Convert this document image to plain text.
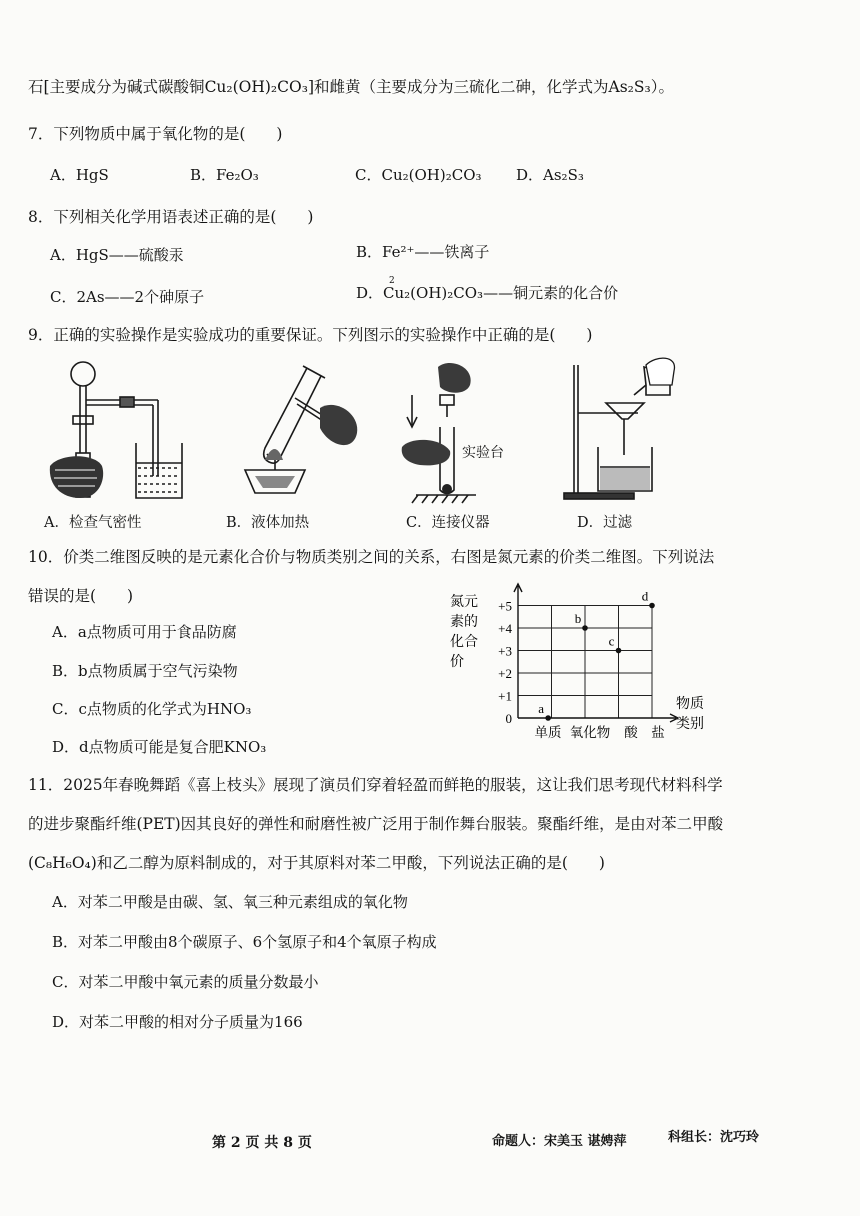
石[主要成分为碱式碳酸铜Cu₂(OH)₂CO₃]和雌黄（主要成分为三硫化二砷，化学式为As₂S₃）。
7．下列物质中属于氧化物的是(　　)
A．HgS	B．Fe₂O₃	C．Cu₂(OH)₂CO₃ D．As₂S₃
8．下列相关化学用语表述正确的是(　　)
A．HgS——硫酸汞	B．Fe²⁺——铁离子
C．2As——2个砷原子	D．
2
Cu₂(OH)₂CO₃——铜元素的化合价
9．正确的实验操作是实验成功的重要保证。下列图示的实验操作中正确的是(　　)
实验台
A．检查气密性	B．液体加热	C．连接仪器	D．过滤
10．价类二维图反映的是元素化合价与物质类别之间的关系，右图是氮元素的价类二维图。下列说法
错误的是(　　)
A．a点物质可用于食品防腐
B．b点物质属于空气污染物
C．c点物质的化学式为HNO₃
D．d点物质可能是复合肥KNO₃
0
+1
+2
+3
+4
+5
单质 氧化物 酸 盐
a
b
c
d
氮元素的化合价
物质类别
11．2025年春晚舞蹈《喜上枝头》展现了演员们穿着轻盈而鲜艳的服装，这让我们思考现代材料科学
的进步聚酯纤维(PET)因其良好的弹性和耐磨性被广泛用于制作舞台服装。聚酯纤维，是由对苯二甲酸
(C₈H₆O₄)和乙二醇为原料制成的，对于其原料对苯二甲酸，下列说法正确的是(　　)
A．对苯二甲酸是由碳、氢、氧三种元素组成的氧化物
B．对苯二甲酸由8个碳原子、6个氢原子和4个氧原子构成
C．对苯二甲酸中氧元素的质量分数最小
D．对苯二甲酸的相对分子质量为166
第 2 页 共 8 页	命题人：宋美玉 谌娉萍	科组长：沈巧玲
